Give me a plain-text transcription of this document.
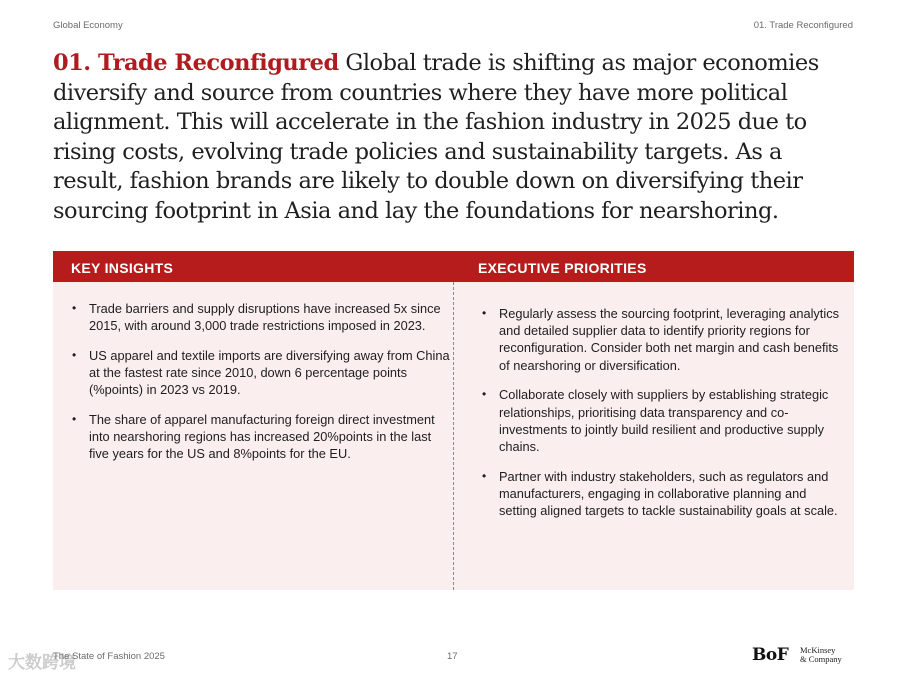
Global Economy	01. Trade Reconfigured

01. Trade Reconfigured Global trade is shifting as major economies diversify and source from countries where they have more political alignment. This will accelerate in the fashion industry in 2025 due to rising costs, evolving trade policies and sustainability targets. As a result, fashion brands are likely to double down on diversifying their sourcing footprint in Asia and lay the foundations for nearshoring.

KEY INSIGHTS	EXECUTIVE PRIORITIES
• Trade barriers and supply disruptions have increased 5x since 2015, with around 3,000 trade restrictions imposed in 2023.
• US apparel and textile imports are diversifying away from China at the fastest rate since 2010, down 6 percentage points (%points) in 2023 vs 2019.
• The share of apparel manufacturing foreign direct investment into nearshoring regions has increased 20%points in the last five years for the US and 8%points for the EU.
• Regularly assess the sourcing footprint, leveraging analytics and detailed supplier data to identify priority regions for reconfiguration. Consider both net margin and cash benefits of nearshoring or diversification.
• Collaborate closely with suppliers by establishing strategic relationships, prioritising data transparency and co-investments to jointly build resilient and productive supply chains.
• Partner with industry stakeholders, such as regulators and manufacturers, engaging in collaborative planning and setting aligned targets to tackle sustainability goals at scale.
大数跨境
The State of Fashion 2025	17	BoF McKinsey
& Company
